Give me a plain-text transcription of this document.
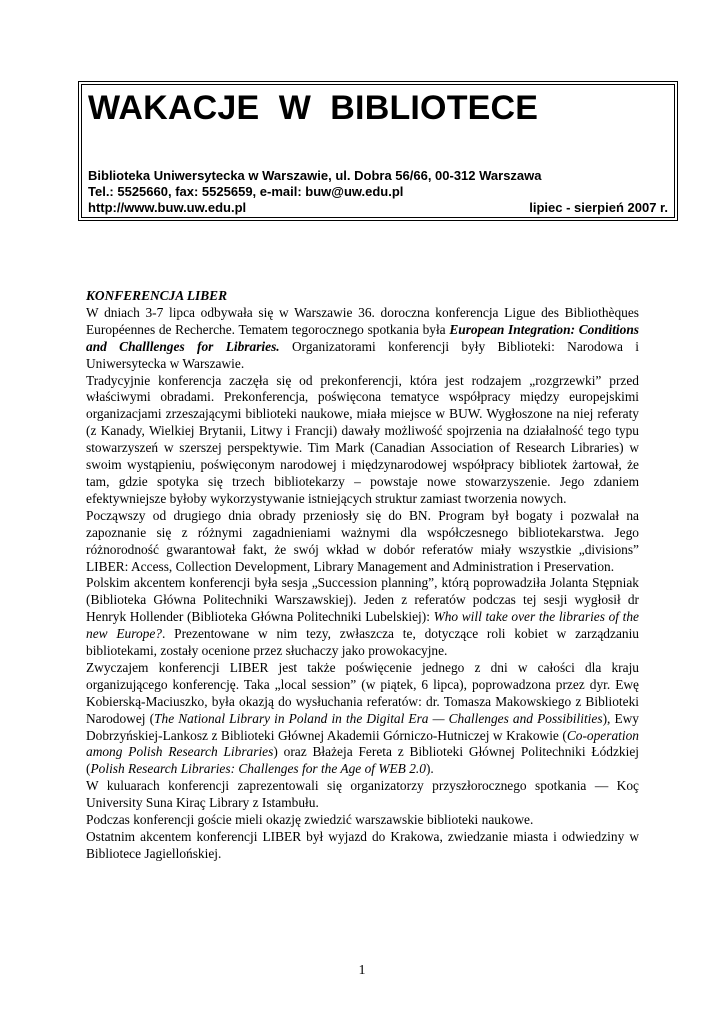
WAKACJE  W  BIBLIOTECE
Biblioteka Uniwersytecka w Warszawie, ul. Dobra 56/66, 00-312 Warszawa
Tel.: 5525660, fax: 5525659, e-mail: buw@uw.edu.pl
http://www.buw.uw.edu.pl	lipiec - sierpień 2007 r.
KONFERENCJA LIBER

W dniach 3-7 lipca odbywała się w Warszawie 36. doroczna konferencja Ligue des Bibliothèques Européennes de Recherche. Tematem tegorocznego spotkania była European Integration: Conditions and Challlenges for Libraries. Organizatorami konferencji były Biblioteki: Narodowa i Uniwersytecka w Warszawie.

Tradycyjnie konferencja zaczęła się od prekonferencji, która jest rodzajem „rozgrzewki” przed właściwymi obradami. Prekonferencja, poświęcona tematyce współpracy między europejskimi organizacjami zrzeszającymi biblioteki naukowe, miała miejsce w BUW. Wygłoszone na niej referaty (z Kanady, Wielkiej Brytanii, Litwy i Francji) dawały możliwość spojrzenia na działalność tego typu stowarzyszeń w szerszej perspektywie. Tim Mark (Canadian Association of Research Libraries) w swoim wystąpieniu, poświęconym narodowej i międzynarodowej współpracy bibliotek żartował, że tam, gdzie spotyka się trzech bibliotekarzy – powstaje nowe stowarzyszenie. Jego zdaniem efektywniejsze byłoby wykorzystywanie istniejących struktur zamiast tworzenia nowych.

Począwszy od drugiego dnia obrady przeniosły się do BN. Program był bogaty i pozwalał na zapoznanie się z różnymi zagadnieniami ważnymi dla współczesnego bibliotekarstwa. Jego różnorodność gwarantował fakt, że swój wkład w dobór referatów miały wszystkie „divisions” LIBER: Access, Collection Development, Library Management and Administration i Preservation.

Polskim akcentem konferencji była sesja „Succession planning”, którą poprowadziła Jolanta Stępniak (Biblioteka Główna Politechniki Warszawskiej). Jeden z referatów podczas tej sesji wygłosił dr Henryk Hollender (Biblioteka Główna Politechniki Lubelskiej): Who will take over the libraries of the new Europe?. Prezentowane w nim tezy, zwłaszcza te, dotyczące roli kobiet w zarządzaniu bibliotekami, zostały ocenione przez słuchaczy jako prowokacyjne.

Zwyczajem konferencji LIBER jest także poświęcenie jednego z dni w całości dla kraju organizującego konferencję. Taka „local session” (w piątek, 6 lipca), poprowadzona przez dyr. Ewę Kobierską-Maciuszko, była okazją do wysłuchania referatów: dr. Tomasza Makowskiego z Biblioteki Narodowej (The National Library in Poland in the Digital Era — Challenges and Possibilities), Ewy Dobrzyńskiej-Lankosz z Biblioteki Głównej Akademii Górniczo-Hutniczej w Krakowie (Co-operation among Polish Research Libraries) oraz Błażeja Fereta z Biblioteki Głównej Politechniki Łódzkiej (Polish Research Libraries: Challenges for the Age of WEB 2.0).

W kuluarach konferencji zaprezentowali się organizatorzy przyszłorocznego spotkania — Koç University Suna Kiraç Library z Istambułu.

Podczas konferencji goście mieli okazję zwiedzić warszawskie biblioteki naukowe.

Ostatnim akcentem konferencji LIBER był wyjazd do Krakowa, zwiedzanie miasta i odwiedziny w Bibliotece Jagiellońskiej.

1
